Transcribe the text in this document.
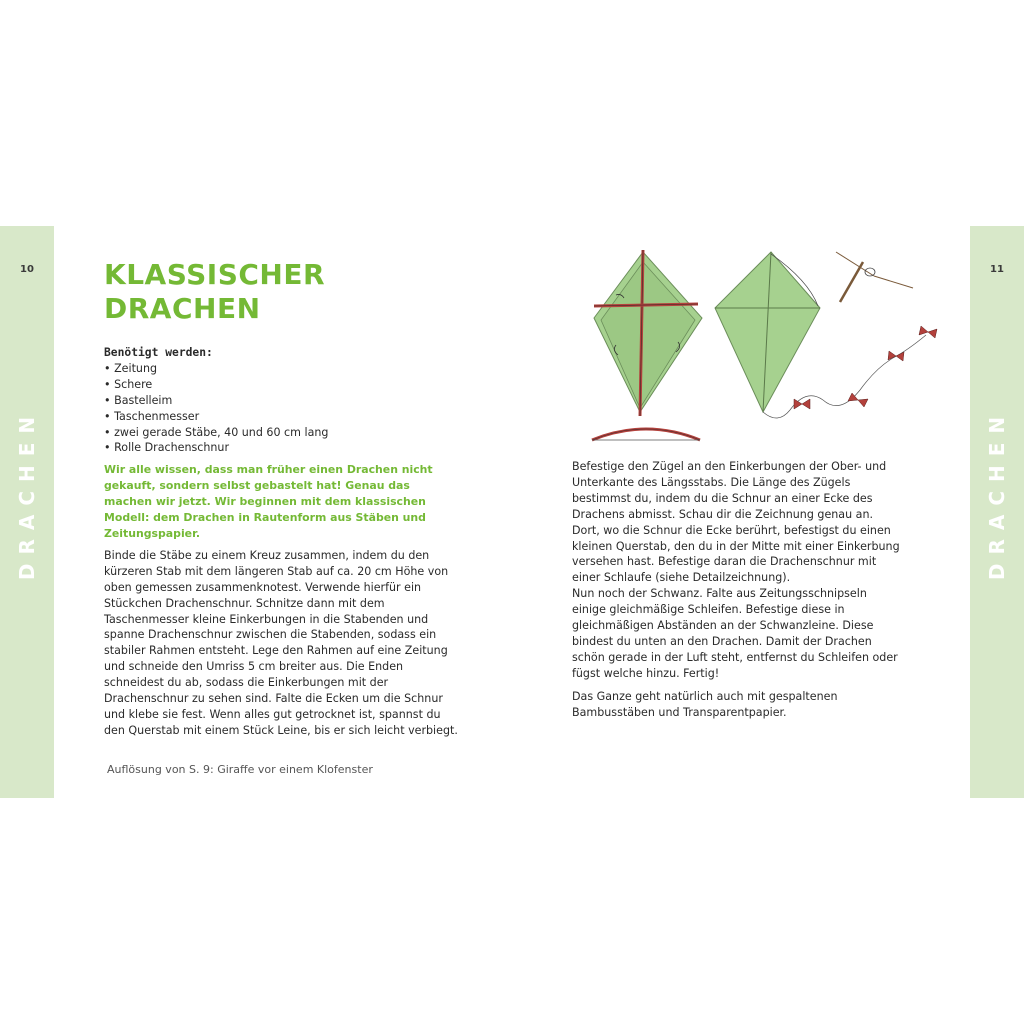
10
DRACHEN
11
DRACHEN
KLASSISCHER
DRACHEN

Benötigt werden:

• Zeitung
• Schere
• Bastelleim
• Taschenmesser
• zwei gerade Stäbe, 40 und 60 cm lang
• Rolle Drachenschnur

Wir alle wissen, dass man früher einen Drachen nicht gekauft, sondern selbst gebastelt hat! Genau das machen wir jetzt. Wir beginnen mit dem klassischen Modell: dem Drachen in Rautenform aus Stäben und Zeitungspapier.

Binde die Stäbe zu einem Kreuz zusammen, indem du den kürzeren Stab mit dem längeren Stab auf ca. 20 cm Höhe von oben gemessen zusammenknotest. Verwende hierfür ein Stückchen Drachenschnur. Schnitze dann mit dem Taschenmesser kleine Einkerbungen in die Stabenden und spanne Drachenschnur zwischen die Stabenden, sodass ein stabiler Rahmen entsteht. Lege den Rahmen auf eine Zeitung und schneide den Umriss 5 cm breiter aus. Die Enden schneidest du ab, sodass die Einkerbungen mit der Drachenschnur zu sehen sind. Falte die Ecken um die Schnur und klebe sie fest. Wenn alles gut getrocknet ist, spannst du den Querstab mit einem Stück Leine, bis er sich leicht verbiegt.

Auflösung von S. 9: Giraffe vor einem Klofenster

Befestige den Zügel an den Einkerbungen der Ober- und Unterkante des Längsstabs. Die Länge des Zügels bestimmst du, indem du die Schnur an einer Ecke des Drachens abmisst. Schau dir die Zeichnung genau an. Dort, wo die Schnur die Ecke berührt, befestigst du einen kleinen Querstab, den du in der Mitte mit einer Einkerbung versehen hast. Befestige daran die Drachenschnur mit einer Schlaufe (siehe Detailzeichnung).

Nun noch der Schwanz. Falte aus Zeitungsschnipseln einige gleichmäßige Schleifen. Befestige diese in gleichmäßigen Abständen an der Schwanzleine. Diese bindest du unten an den Drachen. Damit der Drachen schön gerade in der Luft steht, entfernst du Schleifen oder fügst welche hinzu. Fertig!

Das Ganze geht natürlich auch mit gespaltenen Bambusstäben und Transparentpapier.
